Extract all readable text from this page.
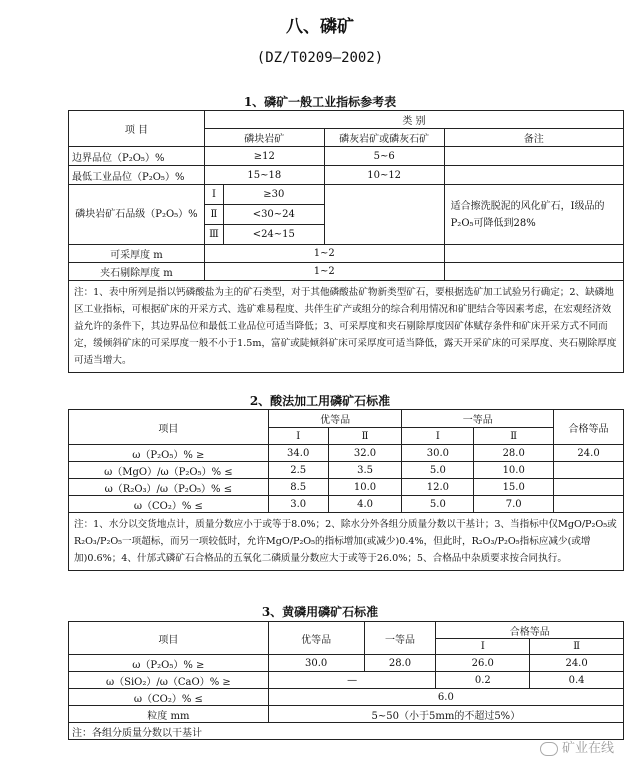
八、磷矿
(DZ/T0209—2002)
1、磷矿一般工业指标参考表
项 目	类 别			
	磷块岩矿		磷灰岩矿或磷灰石矿	备注
边界品位（P₂O₅）%	≥12		5~6	
最低工业品位（P₂O₅）%	15~18		10~12	
磷块岩矿石品级（P₂O₅）%	Ⅰ	≥30		适合擦洗脱泥的风化矿石，Ⅰ级品的P₂O₅可降低到28%
	Ⅱ	<30~24		
	Ⅲ	<24~15		
可采厚度 m	1~2			
夹石剔除厚度 m	1~2			
注：1、表中所列是指以钙磷酸盐为主的矿石类型，对于其他磷酸盐矿物新类型矿石，要根据选矿加工试验另行确定；2、缺磷地区工业指标，可根据矿床的开采方式、选矿难易程度、共伴生矿产或组分的综合利用情况和矿肥结合等因素考虑，在宏观经济效益允许的条件下，其边界品位和最低工业品位可适当降低；3、可采厚度和夹石剔除厚度因矿体赋存条件和矿床开采方式不同而定，缓倾斜矿床的可采厚度一般不小于1.5m，富矿或陡倾斜矿床可采厚度可适当降低，露天开采矿床的可采厚度、夹石剔除厚度可适当增大。				
2、酸法加工用磷矿石标准
项目	优等品		一等品		合格等品
	Ⅰ	Ⅱ	Ⅰ	Ⅱ	
ω（P₂O₅）% ≥	34.0	32.0	30.0	28.0	24.0
ω（MgO）/ω（P₂O₅）% ≤	2.5	3.5	5.0	10.0	
ω（R₂O₃）/ω（P₂O₅）% ≤	8.5	10.0	12.0	15.0	
ω（CO₂）% ≤	3.0	4.0	5.0	7.0	
注：1、水分以交货地点计，质量分数应小于或等于8.0%；2、除水分外各组分质量分数以干基计；3、当指标中仅MgO/P₂O₅或R₂O₃/P₂O₅一项超标，而另一项较低时，允许MgO/P₂O₅的指标增加(或减少)0.4%，但此时，R₂O₃/P₂O₅指标应减少(或增加)0.6%；4、什邡式磷矿石合格品的五氧化二磷质量分数应大于或等于26.0%；5、合格品中杂质要求按合同执行。					
3、黄磷用磷矿石标准
项目	优等品	一等品	合格等品	
			Ⅰ	Ⅱ
ω（P₂O₅）% ≥	30.0	28.0	26.0	24.0
ω（SiO₂）/ω（CaO）% ≥	—		0.2	0.4
ω（CO₂）% ≤	6.0			
粒度 mm	5~50（小于5mm的不超过5%）			
注：各组分质量分数以干基计				
矿业在线
